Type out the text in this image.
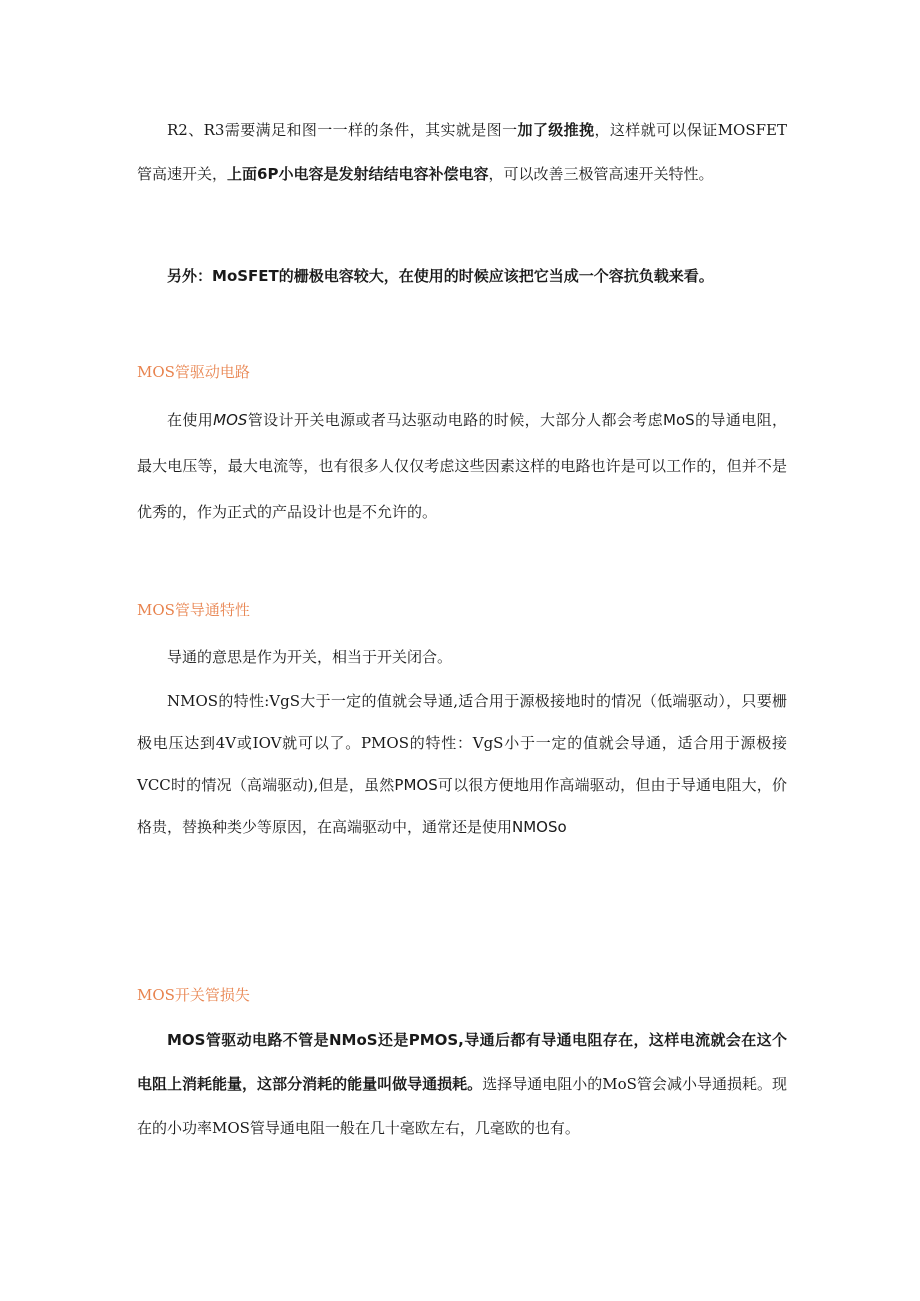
R2、R3需要满足和图一一样的条件，其实就是图一加了级推挽，这样就可以保证MOSFET管高速开关，上面6P小电容是发射结结电容补偿电容，可以改善三极管高速开关特性。

另外：MoSFET的栅极电容较大，在使用的时候应该把它当成一个容抗负载来看。

MOS管驱动电路

在使用MOS管设计开关电源或者马达驱动电路的时候，大部分人都会考虑MoS的导通电阻，最大电压等，最大电流等，也有很多人仅仅考虑这些因素这样的电路也许是可以工作的，但并不是优秀的，作为正式的产品设计也是不允许的。

MOS管导通特性

导通的意思是作为开关，相当于开关闭合。

NMOS的特性:VgS大于一定的值就会导通,适合用于源极接地时的情况（低端驱动），只要栅极电压达到4V或IOV就可以了。PMOS的特性：VgS小于一定的值就会导通，适合用于源极接VCC时的情况（高端驱动),但是，虽然PMOS可以很方便地用作高端驱动，但由于导通电阻大，价格贵，替换种类少等原因，在高端驱动中，通常还是使用NMOSo

MOS开关管损失

MOS管驱动电路不管是NMoS还是PMOS,导通后都有导通电阻存在，这样电流就会在这个电阻上消耗能量，这部分消耗的能量叫做导通损耗。选择导通电阻小的MoS管会减小导通损耗。现在的小功率MOS管导通电阻一般在几十毫欧左右，几毫欧的也有。
